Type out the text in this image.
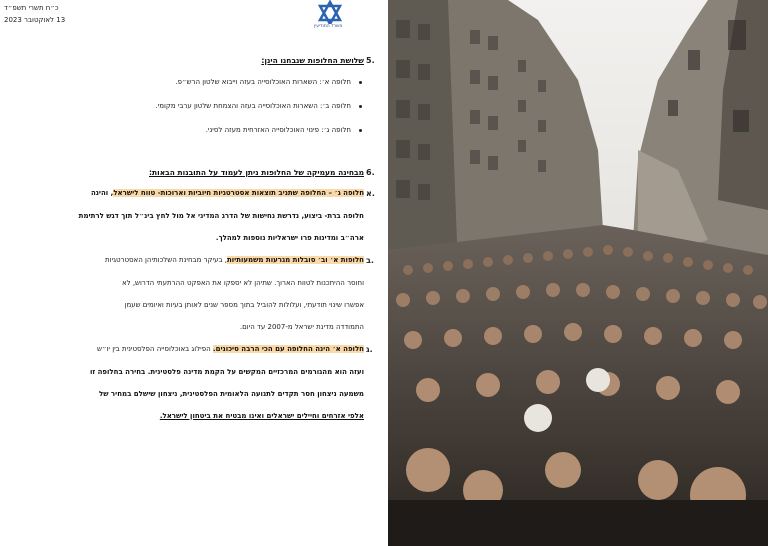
כ״ח תשרי תשפ״ד
13 לאוקטובר 2023
משרד המודיעין
5.
שלושת החלופות שנבחנו הינן:
חלופה א׳: השארות האוכלוסייה בעזה וייבוא שלטון הרש״פ.
חלופה ב׳: השארות האוכלוסייה בעזה והצמחת שלטון ערבי מקומי.
חלופה ג׳: פינוי האוכלוסייה האזרחית מעזה לסיני.
6.
מבחינה מעמיקה של החלופות ניתן לעמוד על התובנות הבאות:
א.
חלופה ג׳ – החלופה שתניב תוצאות אסטרטגיות חיוביות וארוכות- טווח לישראל, והינה
חלופה ברת- ביצוע, נדרשת נחישות של הדרג המדיני אל מול לחץ בינ״ל תוך דגש לרתימת
ארה״ב ומדינות פרו ישראליות נוספות למהלך.
ב.
חלופות א׳ וב׳ סובלות מגרעות משמעותיות, בעיקר מבחינת השלכותיהן האסטרטגיות
וחוסר ההיתכנות לטווח הארוך. שתיהן לא יספקו את האפקט ההרתעתי הדרוש, לא
אפשרו שינוי תודעתי, ועלולות להוביל בתוך מספר שנים לאותן בעיות ואיומים שעמן
התמודדה מדינת ישראל מ-2007 עד היום.
ג.
חלופה א׳ הינה החלופה עם הכי הרבה סיכונים. הפילוג באוכלוסייה הפלסטינית בין יו״ש
ועזה הוא מהגורמים המרכזיים המקשים על הקמת מדינה פלסטינית. בחירה בחלופה זו
משמעה ניצחון חסר תקדים לתנועה הלאומית הפלסטינית, ניצחון שישלם במחיר של
אלפי אזרחים וחיילים ישראלים ואינו מבטיח את ביטחון לישראל.
